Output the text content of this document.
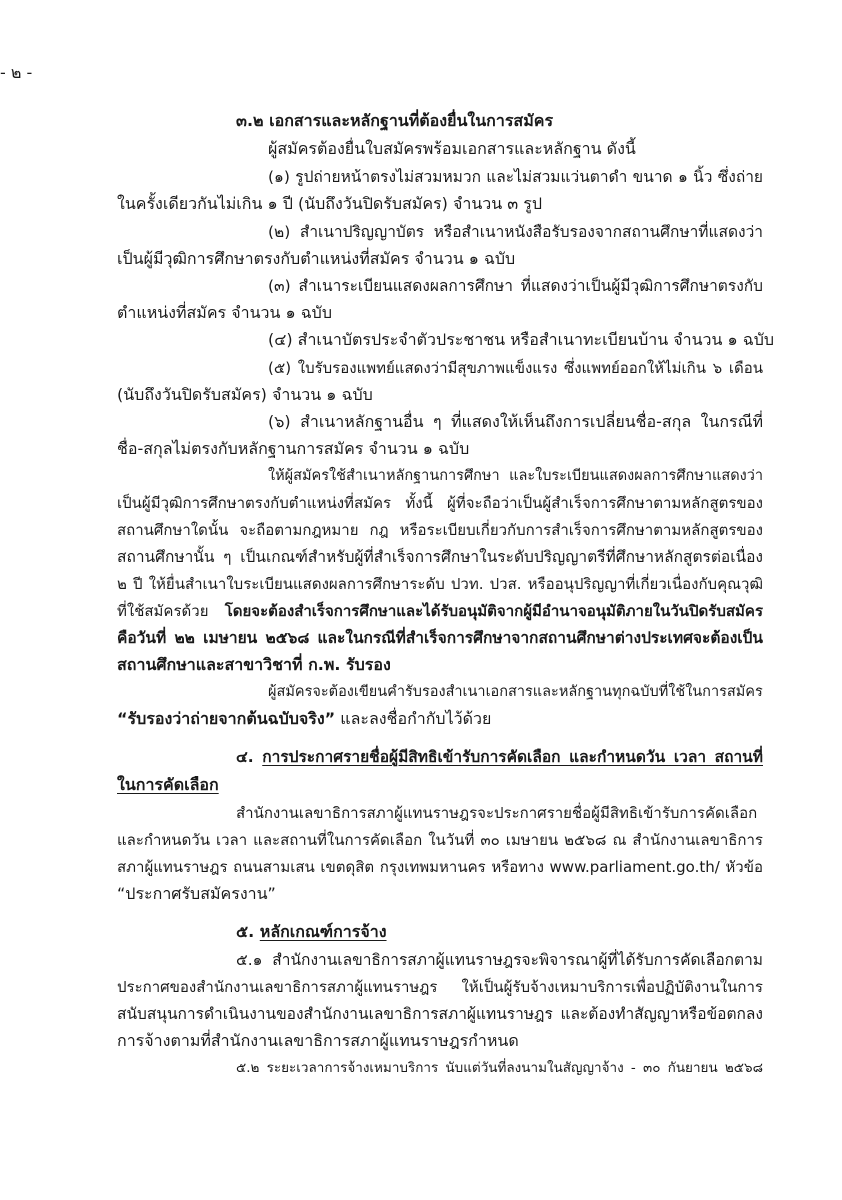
- ๒ -
๓.๒ เอกสารและหลักฐานที่ต้องยื่นในการสมัคร
ผู้สมัครต้องยื่นใบสมัครพร้อมเอกสารและหลักฐาน ดังนี้
(๑) รูปถ่ายหน้าตรงไม่สวมหมวก และไม่สวมแว่นตาดำ ขนาด ๑ นิ้ว ซึ่งถ่าย
ในครั้งเดียวกันไม่เกิน ๑ ปี (นับถึงวันปิดรับสมัคร) จำนวน ๓ รูป
(๒) สำเนาปริญญาบัตร หรือสำเนาหนังสือรับรองจากสถานศึกษาที่แสดงว่า
เป็นผู้มีวุฒิการศึกษาตรงกับตำแหน่งที่สมัคร จำนวน ๑ ฉบับ
(๓) สำเนาระเบียนแสดงผลการศึกษา ที่แสดงว่าเป็นผู้มีวุฒิการศึกษาตรงกับ
ตำแหน่งที่สมัคร จำนวน ๑ ฉบับ
(๔) สำเนาบัตรประจำตัวประชาชน หรือสำเนาทะเบียนบ้าน จำนวน ๑ ฉบับ
(๕) ใบรับรองแพทย์แสดงว่ามีสุขภาพแข็งแรง ซึ่งแพทย์ออกให้ไม่เกิน ๖ เดือน
(นับถึงวันปิดรับสมัคร) จำนวน ๑ ฉบับ
(๖) สำเนาหลักฐานอื่น ๆ ที่แสดงให้เห็นถึงการเปลี่ยนชื่อ-สกุล ในกรณีที่
ชื่อ-สกุลไม่ตรงกับหลักฐานการสมัคร จำนวน ๑ ฉบับ
ให้ผู้สมัครใช้สำเนาหลักฐานการศึกษา และใบระเบียนแสดงผลการศึกษาแสดงว่า
เป็นผู้มีวุฒิการศึกษาตรงกับตำแหน่งที่สมัคร ทั้งนี้ ผู้ที่จะถือว่าเป็นผู้สำเร็จการศึกษาตามหลักสูตรของ
สถานศึกษาใดนั้น จะถือตามกฎหมาย กฎ หรือระเบียบเกี่ยวกับการสำเร็จการศึกษาตามหลักสูตรของ
สถานศึกษานั้น ๆ เป็นเกณฑ์สำหรับผู้ที่สำเร็จการศึกษาในระดับปริญญาตรีที่ศึกษาหลักสูตรต่อเนื่อง
๒ ปี ให้ยื่นสำเนาใบระเบียนแสดงผลการศึกษาระดับ ปวท. ปวส. หรืออนุปริญญาที่เกี่ยวเนื่องกับคุณวุฒิ
ที่ใช้สมัครด้วย โดยจะต้องสำเร็จการศึกษาและได้รับอนุมัติจากผู้มีอำนาจอนุมัติภายในวันปิดรับสมัคร
คือวันที่ ๒๒ เมษายน ๒๕๖๘ และในกรณีที่สำเร็จการศึกษาจากสถานศึกษาต่างประเทศจะต้องเป็น
สถานศึกษาและสาขาวิชาที่ ก.พ. รับรอง
ผู้สมัครจะต้องเขียนคำรับรองสำเนาเอกสารและหลักฐานทุกฉบับที่ใช้ในการสมัคร
“รับรองว่าถ่ายจากต้นฉบับจริง” และลงชื่อกำกับไว้ด้วย
๔. การประกาศรายชื่อผู้มีสิทธิเข้ารับการคัดเลือก และกำหนดวัน เวลา สถานที่
ในการคัดเลือก
สำนักงานเลขาธิการสภาผู้แทนราษฎรจะประกาศรายชื่อผู้มีสิทธิเข้ารับการคัดเลือก
และกำหนดวัน เวลา และสถานที่ในการคัดเลือก ในวันที่ ๓๐ เมษายน ๒๕๖๘ ณ สำนักงานเลขาธิการ
สภาผู้แทนราษฎร ถนนสามเสน เขตดุสิต กรุงเทพมหานคร หรือทาง www.parliament.go.th/ หัวข้อ
“ประกาศรับสมัครงาน”
๕. หลักเกณฑ์การจ้าง
๕.๑ สำนักงานเลขาธิการสภาผู้แทนราษฎรจะพิจารณาผู้ที่ได้รับการคัดเลือกตาม
ประกาศของสำนักงานเลขาธิการสภาผู้แทนราษฎร ให้เป็นผู้รับจ้างเหมาบริการเพื่อปฏิบัติงานในการ
สนับสนุนการดำเนินงานของสำนักงานเลขาธิการสภาผู้แทนราษฎร และต้องทำสัญญาหรือข้อตกลง
การจ้างตามที่สำนักงานเลขาธิการสภาผู้แทนราษฎรกำหนด
๕.๒ ระยะเวลาการจ้างเหมาบริการ นับแต่วันที่ลงนามในสัญญาจ้าง - ๓๐ กันยายน ๒๕๖๘
